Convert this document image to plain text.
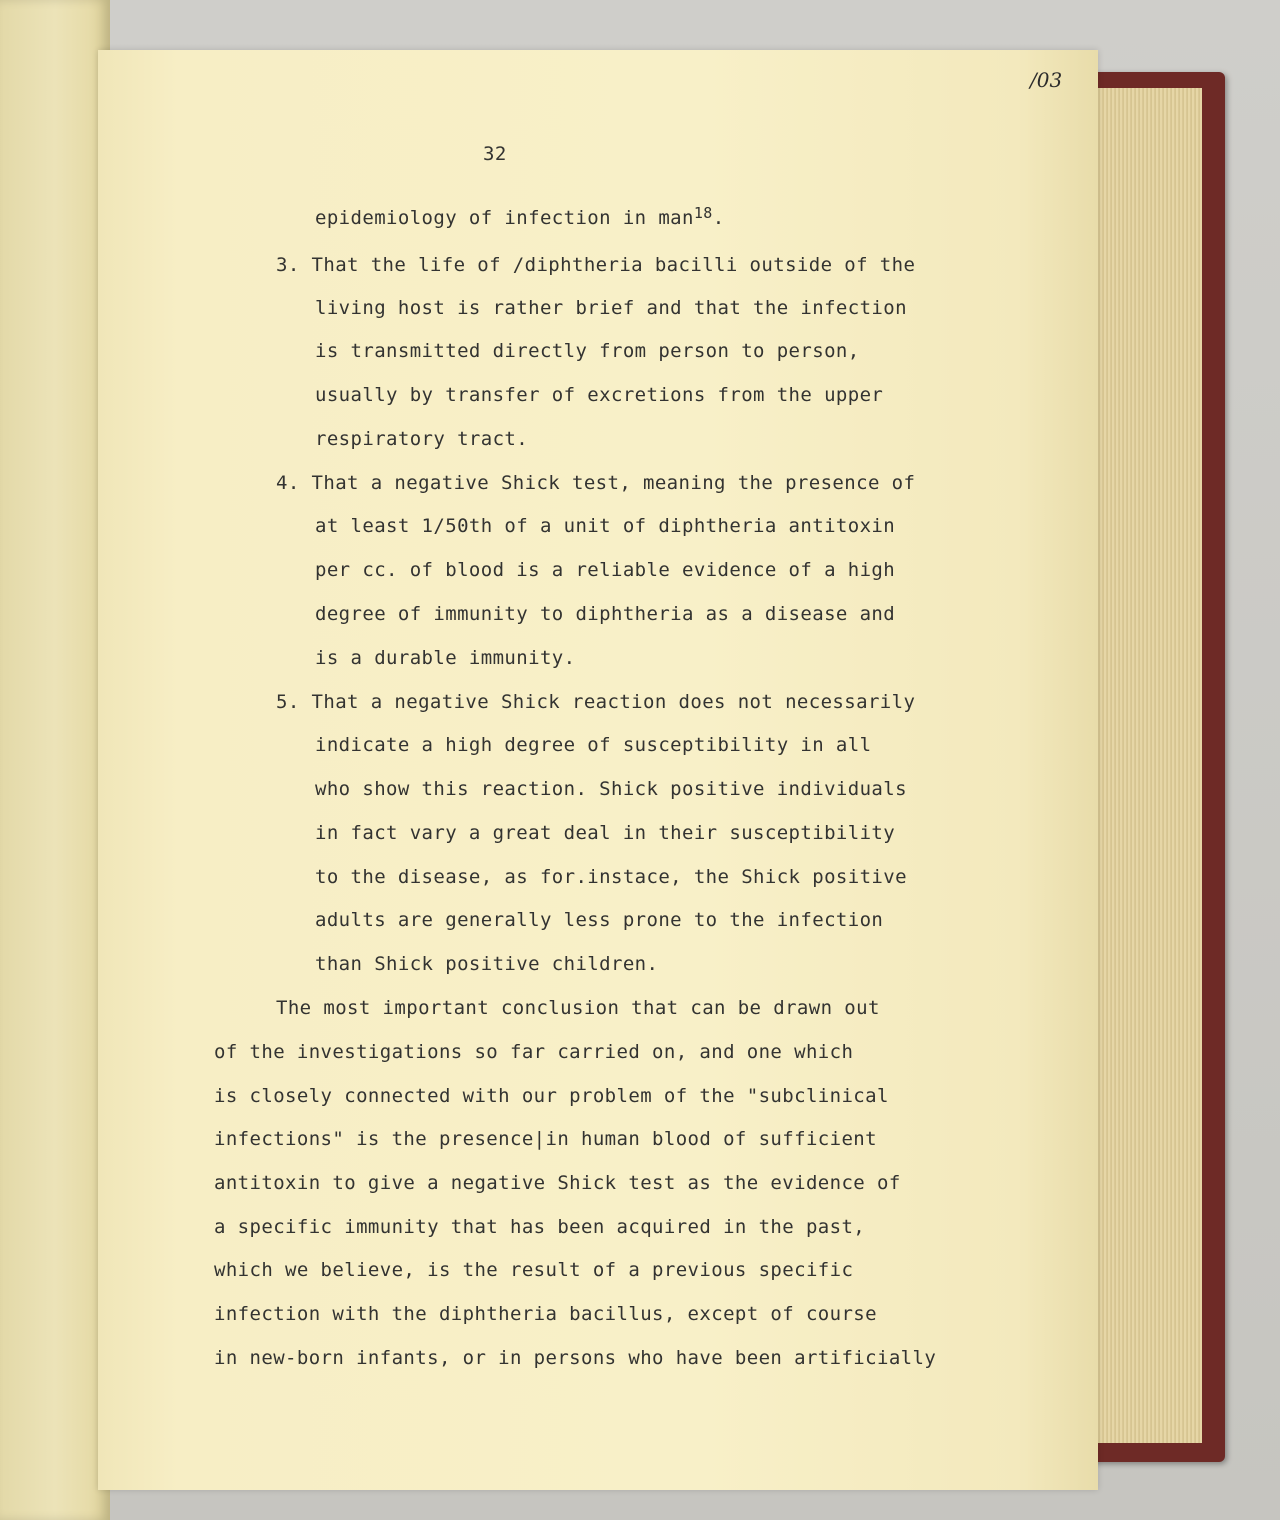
/03
32
epidemiology of infection in man$^{18}$.
3. That the life of /diphtheria bacilli outside of the
living host is rather brief and that the infection
is transmitted directly from person to person,
usually by transfer of excretions from the upper
respiratory tract.
4. That a negative Shick test, meaning the presence of
at least 1/50th of a unit of diphtheria antitoxin
per cc. of blood is a reliable evidence of a high
degree of immunity to diphtheria as a disease and
is a durable immunity.
5. That a negative Shick reaction does not necessarily
indicate a high degree of susceptibility in all
who show this reaction. Shick positive individuals
in fact vary a great deal in their susceptibility
to the disease, as for.instace, the Shick positive
adults are generally less prone to the infection
than Shick positive children.
The most important conclusion that can be drawn out
of the investigations so far carried on, and one which
is closely connected with our problem of the "subclinical
infections" is the presence|in human blood of sufficient
antitoxin to give a negative Shick test as the evidence of
a specific immunity that has been acquired in the past,
which we believe, is the result of a previous specific
infection with the diphtheria bacillus, except of course
in new-born infants, or in persons who have been artificially
